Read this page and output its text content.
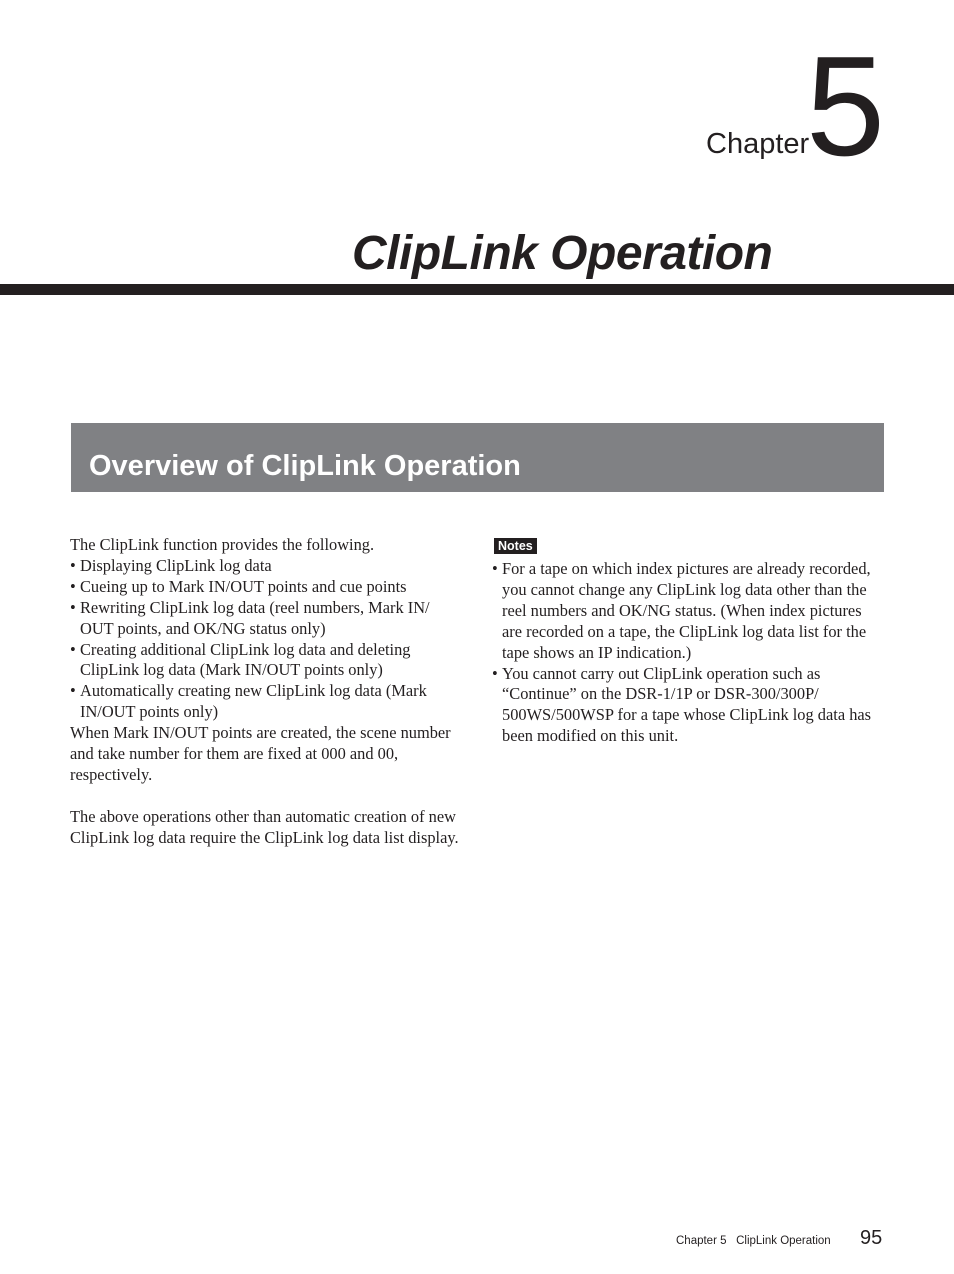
Chapter
5
ClipLink Operation
Overview of ClipLink Operation

The ClipLink function provides the following.

• Displaying ClipLink log data
• Cueing up to Mark IN/OUT points and cue points
• Rewriting ClipLink log data (reel numbers, Mark IN/ OUT points, and OK/NG status only)
• Creating additional ClipLink log data and deleting ClipLink log data (Mark IN/OUT points only)
• Automatically creating new ClipLink log data (Mark IN/OUT points only)

When Mark IN/OUT points are created, the scene number and take number for them are fixed at 000 and 00, respectively.

The above operations other than automatic creation of new ClipLink log data require the ClipLink log data list display.

Notes
• For a tape on which index pictures are already recorded, you cannot change any ClipLink log data other than the reel numbers and OK/NG status. (When index pictures are recorded on a tape, the ClipLink log data list for the tape shows an IP indication.)
• You cannot carry out ClipLink operation such as “Continue” on the DSR-1/1P or DSR-300/300P/ 500WS/500WSP for a tape whose ClipLink log data has been modified on this unit.
Chapter 5   ClipLink Operation 95
